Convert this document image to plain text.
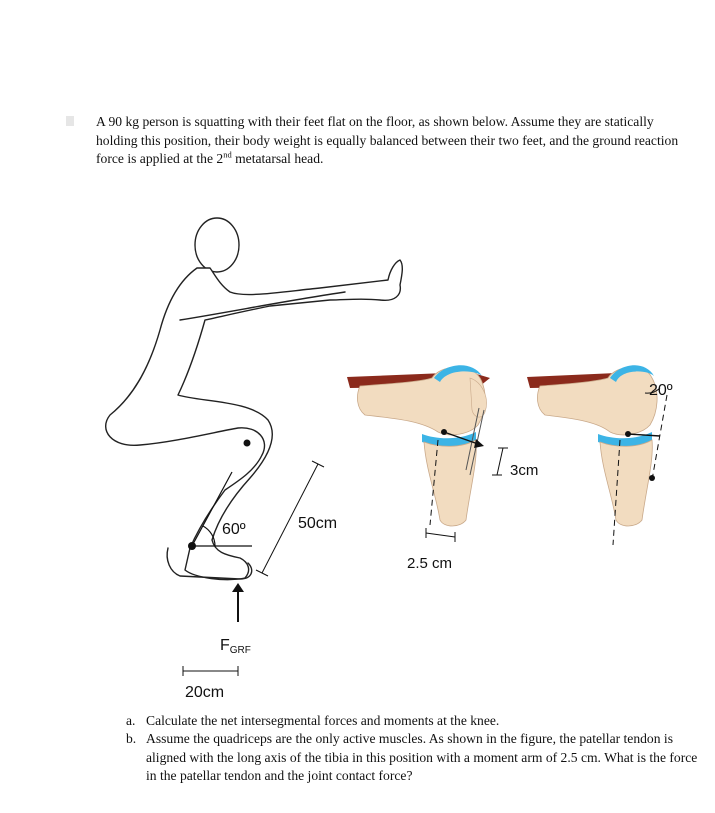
A 90 kg person is squatting with their feet flat on the floor, as shown below. Assume they are statically holding this position, their body weight is equally balanced between their two feet, and the ground reaction force is applied at the 2nd metatarsal head.
60º	50cm
FGRF
20cm
2.5 cm
3cm
20º
a. Calculate the net intersegmental forces and moments at the knee.
b. Assume the quadriceps are the only active muscles. As shown in the figure, the patellar tendon is aligned with the long axis of the tibia in this position with a moment arm of 2.5 cm. What is the force in the patellar tendon and the joint contact force?
